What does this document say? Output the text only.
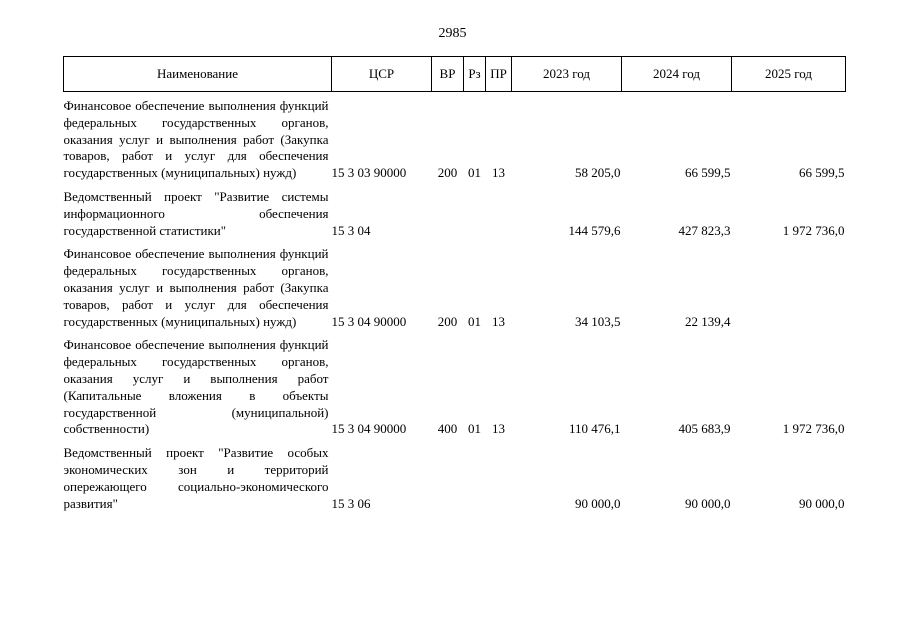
2985
Наименование	ЦСР	ВР	Рз	ПР	2023 год	2024 год	2025 год
Финансовое обеспечение выполнения функций федеральных государственных органов, оказания услуг и выполнения работ (Закупка товаров, работ и услуг для обеспечения государственных (муниципальных) нужд)	15 3 03 90000	200	01	13	58 205,0	66 599,5	66 599,5
Ведомственный проект "Развитие системы информационного обеспечения государственной статистики"	15 3 04				144 579,6	427 823,3	1 972 736,0
Финансовое обеспечение выполнения функций федеральных государственных органов, оказания услуг и выполнения работ (Закупка товаров, работ и услуг для обеспечения государственных (муниципальных) нужд)	15 3 04 90000	200	01	13	34 103,5	22 139,4	
Финансовое обеспечение выполнения функций федеральных государственных органов, оказания услуг и выполнения работ (Капитальные вложения в объекты государственной (муниципальной) собственности)	15 3 04 90000	400	01	13	110 476,1	405 683,9	1 972 736,0
Ведомственный проект "Развитие особых экономических зон и территорий опережающего социально-экономического развития"	15 3 06				90 000,0	90 000,0	90 000,0
